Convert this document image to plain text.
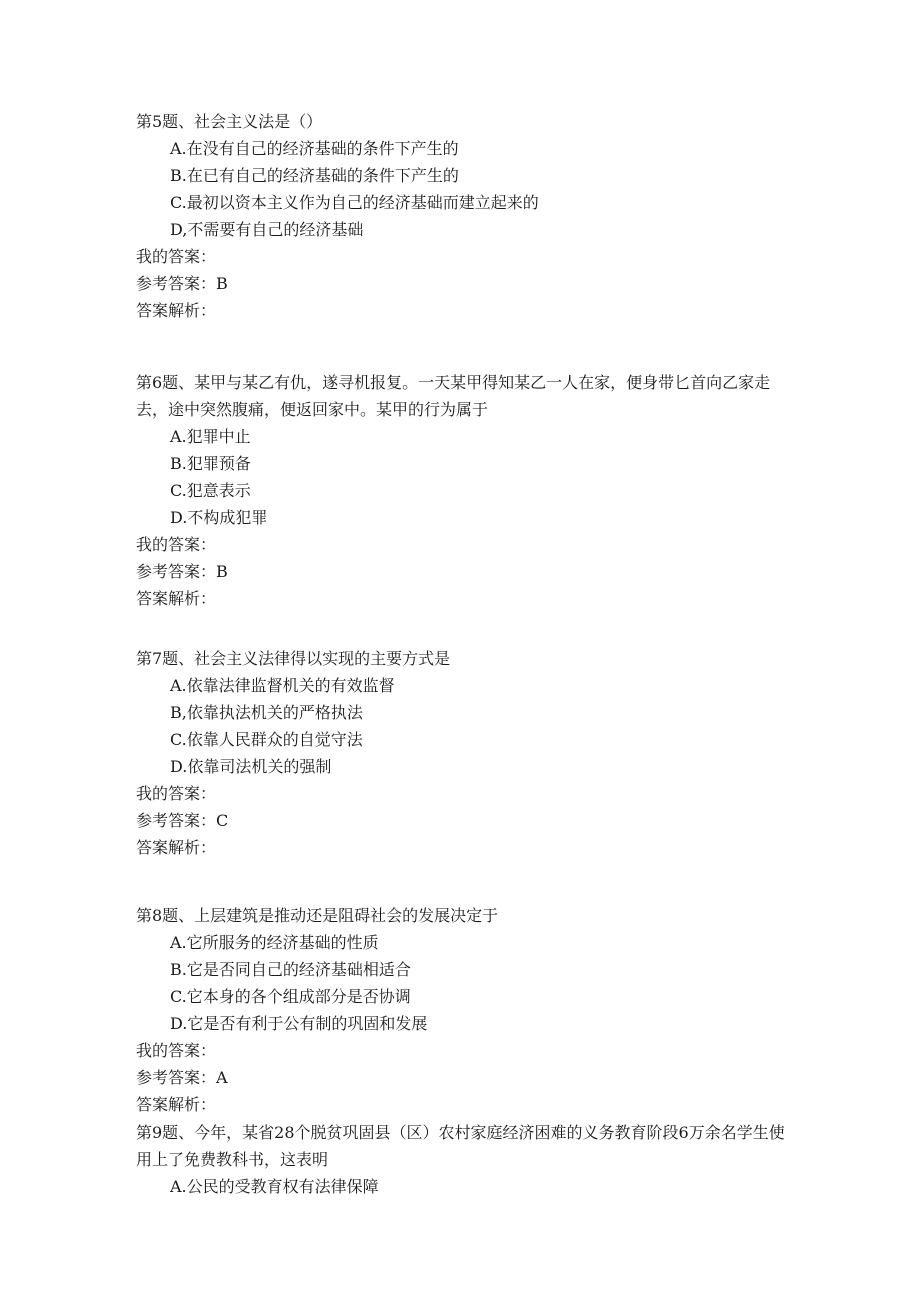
第5题、社会主义法是（）
A.在没有自己的经济基础的条件下产生的
B.在已有自己的经济基础的条件下产生的
C.最初以资本主义作为自己的经济基础而建立起来的
D,不需要有自己的经济基础
我的答案：
参考答案：B
答案解析：
第6题、某甲与某乙有仇，遂寻机报复。一天某甲得知某乙一人在家，便身带匕首向乙家走去，途中突然腹痛，便返回家中。某甲的行为属于
A.犯罪中止
B.犯罪预备
C.犯意表示
D.不构成犯罪
我的答案：
参考答案：B
答案解析：
第7题、社会主义法律得以实现的主要方式是
A.依靠法律监督机关的有效监督
B,依靠执法机关的严格执法
C.依靠人民群众的自觉守法
D.依靠司法机关的强制
我的答案：
参考答案：C
答案解析：
第8题、上层建筑是推动还是阻碍社会的发展决定于
A.它所服务的经济基础的性质
B.它是否同自己的经济基础相适合
C.它本身的各个组成部分是否协调
D.它是否有利于公有制的巩固和发展
我的答案：
参考答案：A
答案解析：
第9题、今年，某省28个脱贫巩固县（区）农村家庭经济困难的义务教育阶段6万余名学生使用上了免费教科书，这表明
A.公民的受教育权有法律保障
